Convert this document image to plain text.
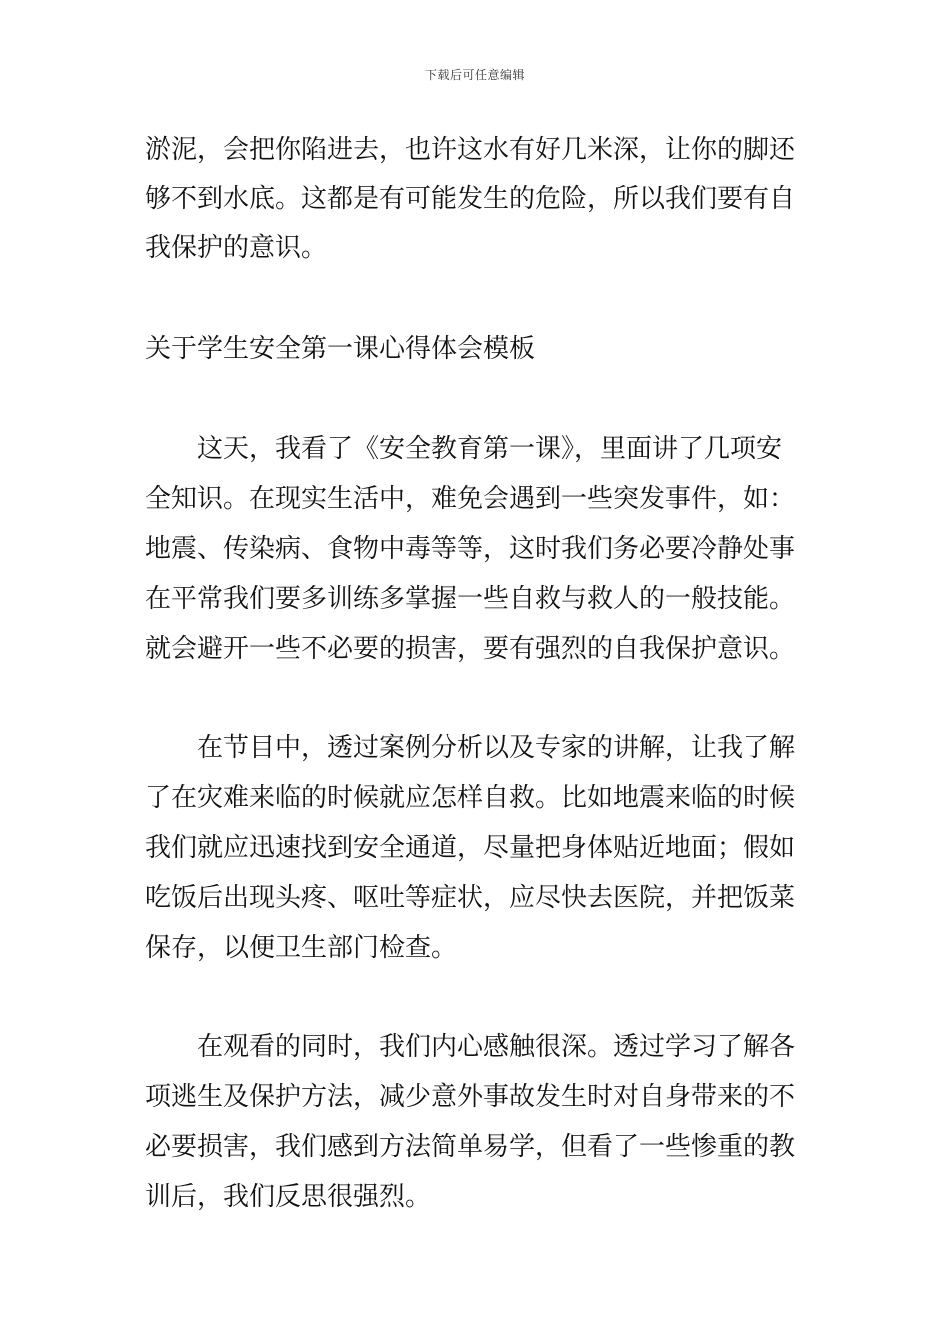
下载后可任意编辑
淤泥，会把你陷进去，也许这水有好几米深，让你的脚还
够不到水底。这都是有可能发生的危险，所以我们要有自
我保护的意识。
关于学生安全第一课心得体会模板
这天，我看了《安全教育第一课》，里面讲了几项安
全知识。在现实生活中，难免会遇到一些突发事件，如：
地震、传染病、食物中毒等等，这时我们务必要冷静处事
在平常我们要多训练多掌握一些自救与救人的一般技能。
就会避开一些不必要的损害，要有强烈的自我保护意识。
在节目中，透过案例分析以及专家的讲解，让我了解
了在灾难来临的时候就应怎样自救。比如地震来临的时候
我们就应迅速找到安全通道，尽量把身体贴近地面；假如
吃饭后出现头疼、呕吐等症状，应尽快去医院，并把饭菜
保存，以便卫生部门检查。
在观看的同时，我们内心感触很深。透过学习了解各
项逃生及保护方法，减少意外事故发生时对自身带来的不
必要损害，我们感到方法简单易学，但看了一些惨重的教
训后，我们反思很强烈。
